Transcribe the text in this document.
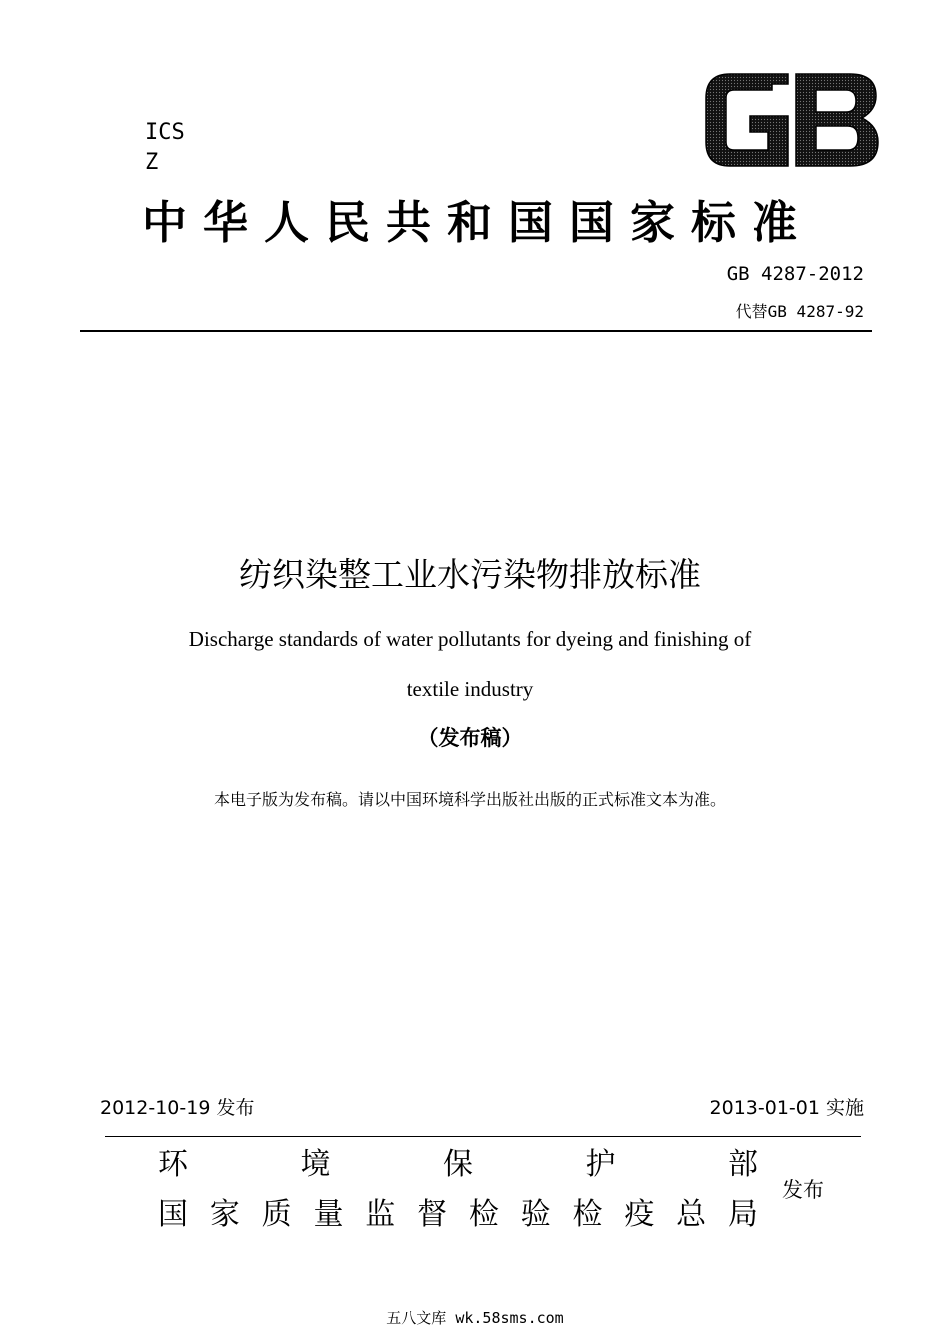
ICS
Z
中华人民共和国国家标准
GB 4287-2012
代替GB 4287-92
纺织染整工业水污染物排放标准
Discharge standards of water pollutants for dyeing and finishing of
textile industry
（发布稿）
本电子版为发布稿。请以中国环境科学出版社出版的正式标准文本为准。
2012-10-19 发布	2013-01-01 实施
环	境	保	护	部
国 家 质 量 监 督 检 验 检 疫 总 局
发布
五八文库 wk.58sms.com
